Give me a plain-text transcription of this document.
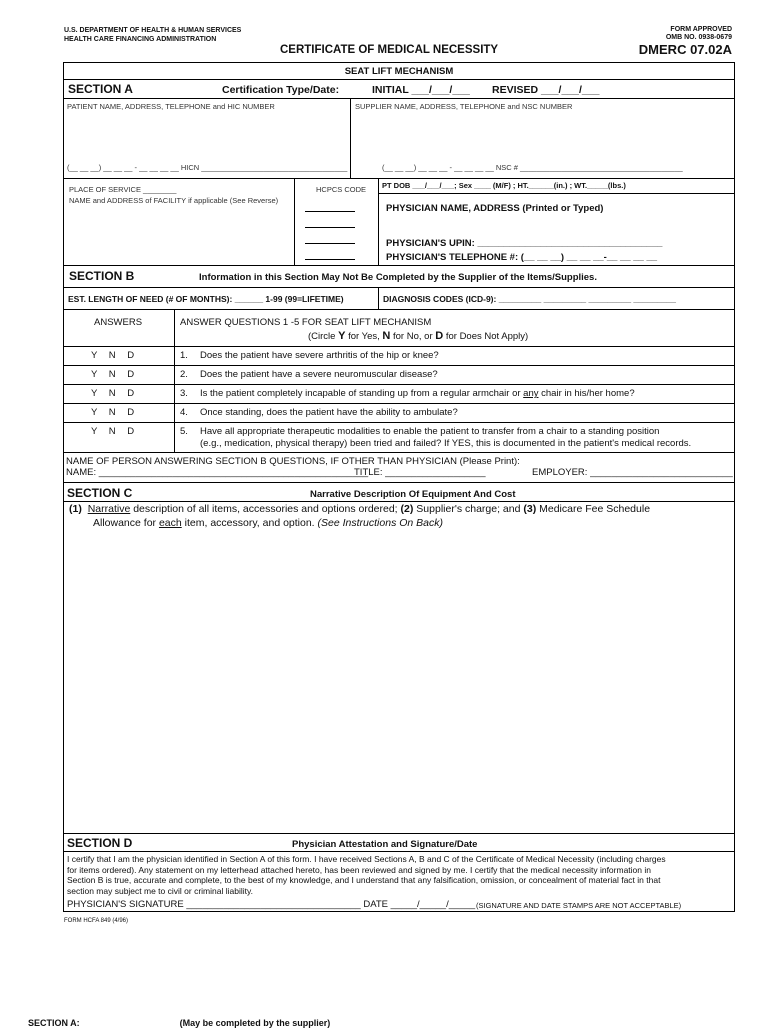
U.S. DEPARTMENT OF HEALTH & HUMAN SERVICES
HEALTH CARE FINANCING ADMINISTRATION
FORM APPROVED
OMB NO. 0938-0679
CERTIFICATE OF MEDICAL NECESSITY	DMERC 07.02A
SEAT LIFT MECHANISM
SECTION A	Certification Type/Date:	INITIAL ___/___/___ REVISED ___/___/___
PATIENT NAME, ADDRESS, TELEPHONE and HIC NUMBER
(__ __ __) __ __ __ - __ __ __ __ HICN ___________________________________
SUPPLIER NAME, ADDRESS, TELEPHONE and NSC NUMBER
(__ __ __) __ __ __ - __ __ __ __ NSC # _______________________________________
PLACE OF SERVICE ________
NAME and ADDRESS of FACILITY if applicable (See Reverse)
HCPCS CODE PT DOB ___/___/___; Sex ____ (M/F) ; HT.______(in.) ; WT._____(lbs.)
PHYSICIAN NAME, ADDRESS (Printed or Typed)
PHYSICIAN'S UPIN: ___________________________________
PHYSICIAN'S TELEPHONE #: (__ __ __) __ __ __-__ __ __ __
SECTION B	Information in this Section May Not Be Completed by the Supplier of the Items/Supplies.
EST. LENGTH OF NEED (# OF MONTHS): ______ 1-99 (99=LIFETIME)	DIAGNOSIS CODES (ICD-9): _________ _________ _________ _________
ANSWERS	ANSWER QUESTIONS 1 -5 FOR SEAT LIFT MECHANISM
(Circle Y for Yes, N for No, or D for Does Not Apply)
Y N D	1. Does the patient have severe arthritis of the hip or knee?
Y N D	2. Does the patient have a severe neuromuscular disease?
Y N D	3. Is the patient completely incapable of standing up from a regular armchair or any chair in his/her home?
Y N D	4. Once standing, does the patient have the ability to ambulate?
Y N D	5. Have all appropriate therapeutic modalities to enable the patient to transfer from a chair to a standing position
(e.g., medication, physical therapy) been tried and failed? If YES, this is documented in the patient's medical records.
NAME OF PERSON ANSWERING SECTION B QUESTIONS, IF OTHER THAN PHYSICIAN (Please Print):
NAME: ___________________________________________________
TITLE: ___________________	EMPLOYER: ___________________________
SECTION C	Narrative Description Of Equipment And Cost
(1) Narrative description of all items, accessories and options ordered; (2) Supplier's charge; and (3) Medicare Fee Schedule
Allowance for each item, accessory, and option. (See Instructions On Back)
SECTION D	Physician Attestation and Signature/Date
I certify that I am the physician identified in Section A of this form. I have received Sections A, B and C of the Certificate of Medical Necessity (including charges
for items ordered). Any statement on my letterhead attached hereto, has been reviewed and signed by me. I certify that the medical necessity information in
Section B is true, accurate and complete, to the best of my knowledge, and I understand that any falsification, omission, or concealment of material fact in that
section may subject me to civil or criminal liability.
PHYSICIAN'S SIGNATURE _________________________________ DATE _____/_____/_____ (SIGNATURE AND DATE STAMPS ARE NOT ACCEPTABLE)
FORM HCFA 849 (4/96)
SECTION A:	(May be completed by the supplier)
